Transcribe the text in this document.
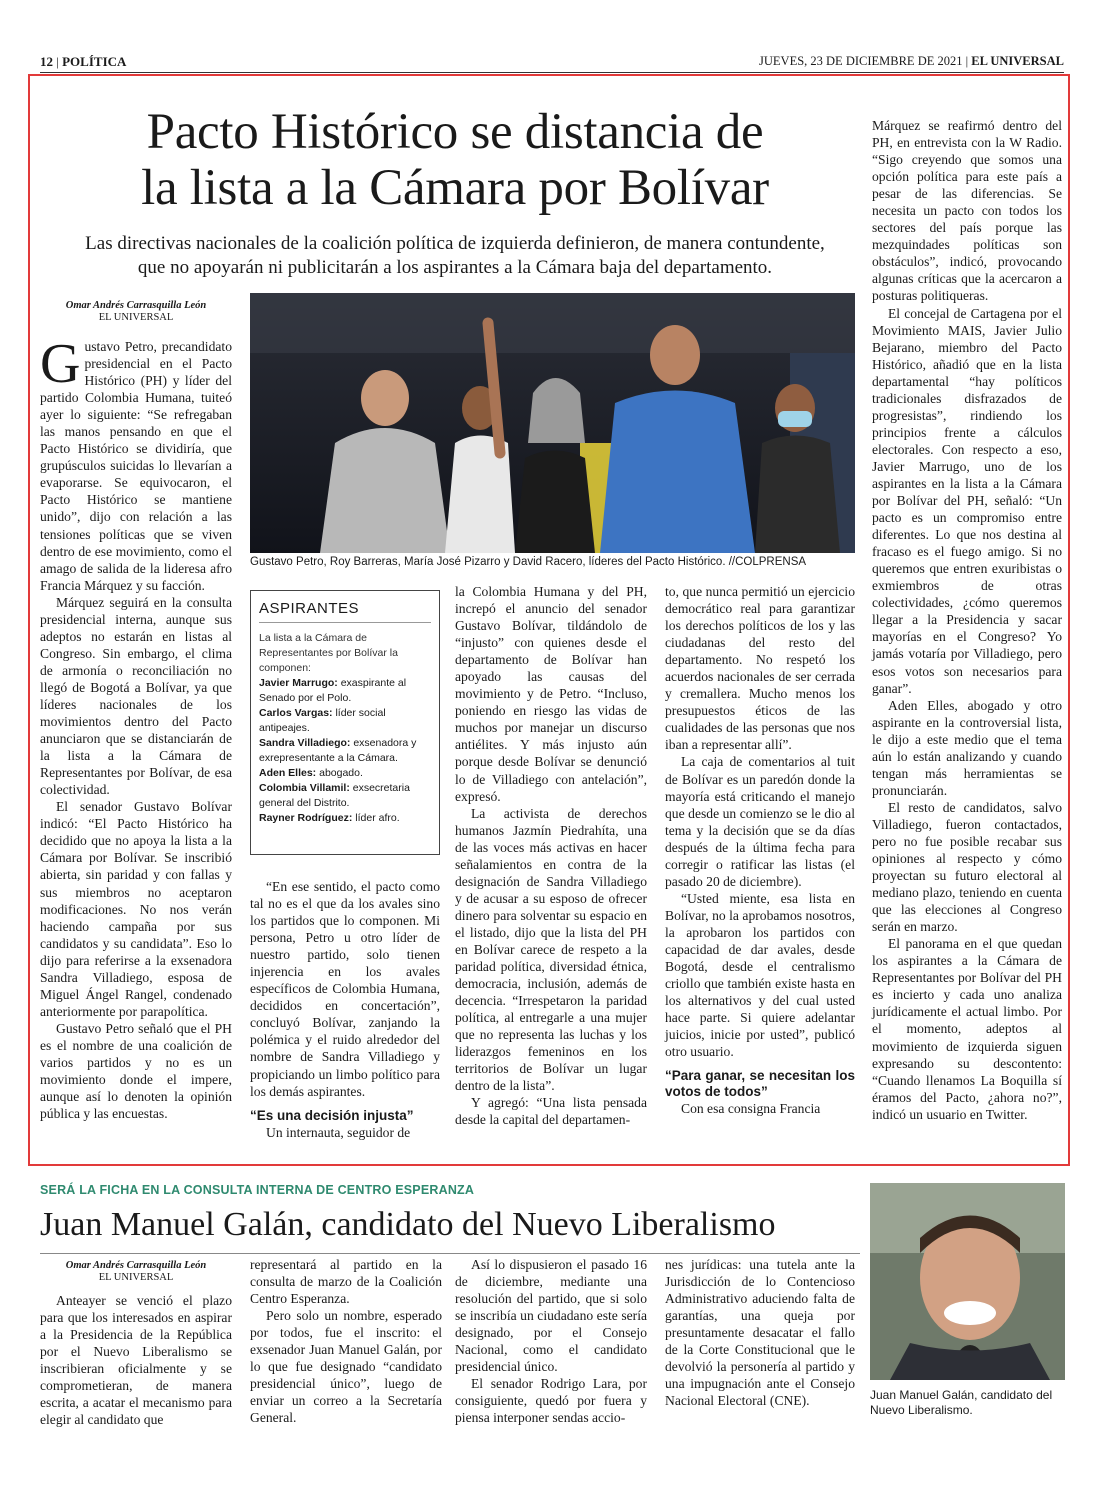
12 | POLÍTICA	JUEVES, 23 DE DICIEMBRE DE 2021 | EL UNIVERSAL
Pacto Histórico se distancia de
la lista a la Cámara por Bolívar
Las directivas nacionales de la coalición política de izquierda definieron, de manera contundente,
que no apoyarán ni publicitarán a los aspirantes a la Cámara baja del departamento.
Omar Andrés Carrasquilla León
EL UNIVERSAL

Gustavo Petro, precandidato presidencial en el Pacto Histórico (PH) y líder del partido Colombia Humana, tuiteó ayer lo siguiente: “Se refregaban las manos pensando en que el Pacto Histórico se dividiría, que grupúsculos suicidas lo llevarían a evaporarse. Se equivocaron, el Pacto Histórico se mantiene unido”, dijo con relación a las tensiones políticas que se viven dentro de ese movimiento, como el amago de salida de la lideresa afro Francia Márquez y su facción.

Márquez seguirá en la consulta presidencial interna, aunque sus adeptos no estarán en listas al Congreso. Sin embargo, el clima de armonía o reconciliación no llegó de Bogotá a Bolívar, ya que líderes nacionales de los movimientos dentro del Pacto anunciaron que se distanciarán de la lista a la Cámara de Representantes por Bolívar, de esa colectividad.

El senador Gustavo Bolívar indicó: “El Pacto Histórico ha decidido que no apoya la lista a la Cámara por Bolívar. Se inscribió abierta, sin paridad y con fallas y sus miembros no aceptaron modificaciones. No nos verán haciendo campaña por sus candidatos y su candidata”. Eso lo dijo para referirse a la exsenadora Sandra Villadiego, esposa de Miguel Ángel Rangel, condenado anteriormente por parapolítica.

Gustavo Petro señaló que el PH es el nombre de una coalición de varios partidos y no es un movimiento donde el impere, aunque así lo denoten la opinión pública y las encuestas.

Gustavo Petro, Roy Barreras, María José Pizarro y David Racero, líderes del Pacto Histórico. //COLPRENSA
ASPIRANTES
La lista a la Cámara de Representantes por Bolívar la componen:
Javier Marrugo: exaspirante al Senado por el Polo.
Carlos Vargas: líder social antipeajes.
Sandra Villadiego: exsenadora y exrepresentante a la Cámara.
Aden Elles: abogado.
Colombia Villamil: exsecretaria general del Distrito.
Rayner Rodríguez: líder afro.

“En ese sentido, el pacto como tal no es el que da los avales sino los partidos que lo componen. Mi persona, Petro u otro líder de nuestro partido, solo tienen injerencia en los avales específicos de Colombia Humana, decididos en concertación”, concluyó Bolívar, zanjando la polémica y el ruido alrededor del nombre de Sandra Villadiego y propiciando un limbo político para los demás aspirantes.

“Es una decisión injusta”

Un internauta, seguidor de

la Colombia Humana y del PH, increpó el anuncio del senador Gustavo Bolívar, tildándolo de “injusto” con quienes desde el departamento de Bolívar han apoyado las causas del movimiento y de Petro. “Incluso, poniendo en riesgo las vidas de muchos por manejar un discurso antiélites. Y más injusto aún porque desde Bolívar se denunció lo de Villadiego con antelación”, expresó.

La activista de derechos humanos Jazmín Piedrahíta, una de las voces más activas en hacer señalamientos en contra de la designación de Sandra Villadiego y de acusar a su esposo de ofrecer dinero para solventar su espacio en el listado, dijo que la lista del PH en Bolívar carece de respeto a la paridad política, diversidad étnica, democracia, inclusión, además de decencia. “Irrespetaron la paridad política, al entregarle a una mujer que no representa las luchas y los liderazgos femeninos en los territorios de Bolívar un lugar dentro de la lista”.

Y agregó: “Una lista pensada desde la capital del departamen-

to, que nunca permitió un ejercicio democrático real para garantizar los derechos políticos de los y las ciudadanas del resto del departamento. No respetó los acuerdos nacionales de ser cerrada y cremallera. Mucho menos los presupuestos éticos de las cualidades de las personas que nos iban a representar allí”.

La caja de comentarios al tuit de Bolívar es un paredón donde la mayoría está criticando el manejo que desde un comienzo se le dio al tema y la decisión que se da días después de la última fecha para corregir o ratificar las listas (el pasado 20 de diciembre).

“Usted miente, esa lista en Bolívar, no la aprobamos nosotros, la aprobaron los partidos con capacidad de dar avales, desde Bogotá, desde el centralismo criollo que también existe hasta en los alternativos y del cual usted hace parte. Si quiere adelantar juicios, inicie por usted”, publicó otro usuario.

“Para ganar, se necesitan los votos de todos”

Con esa consigna Francia

Márquez se reafirmó dentro del PH, en entrevista con la W Radio. “Sigo creyendo que somos una opción política para este país a pesar de las diferencias. Se necesita un pacto con todos los sectores del país porque las mezquindades políticas son obstáculos”, indicó, provocando algunas críticas que la acercaron a posturas politiqueras.

El concejal de Cartagena por el Movimiento MAIS, Javier Julio Bejarano, miembro del Pacto Histórico, añadió que en la lista departamental “hay políticos tradicionales disfrazados de progresistas”, rindiendo los principios frente a cálculos electorales. Con respecto a eso, Javier Marrugo, uno de los aspirantes en la lista a la Cámara por Bolívar del PH, señaló: “Un pacto es un compromiso entre diferentes. Lo que nos destina al fracaso es el fuego amigo. Si no queremos que entren exuribistas o exmiembros de otras colectividades, ¿cómo queremos llegar a la Presidencia y sacar mayorías en el Congreso? Yo jamás votaría por Villadiego, pero esos votos son necesarios para ganar”.

Aden Elles, abogado y otro aspirante en la controversial lista, le dijo a este medio que el tema aún lo están analizando y cuando tengan más herramientas se pronunciarán.

El resto de candidatos, salvo Villadiego, fueron contactados, pero no fue posible recabar sus opiniones al respecto y cómo proyectan su futuro electoral al mediano plazo, teniendo en cuenta que las elecciones al Congreso serán en marzo.

El panorama en el que quedan los aspirantes a la Cámara de Representantes por Bolívar del PH es incierto y cada uno analiza jurídicamente el actual limbo. Por el momento, adeptos al movimiento de izquierda siguen expresando su descontento: “Cuando llenamos La Boquilla sí éramos del Pacto, ¿ahora no?”, indicó un usuario en Twitter.

SERÁ LA FICHA EN LA CONSULTA INTERNA DE CENTRO ESPERANZA
Juan Manuel Galán, candidato del Nuevo Liberalismo
Omar Andrés Carrasquilla León
EL UNIVERSAL

Anteayer se venció el plazo para que los interesados en aspirar a la Presidencia de la República por el Nuevo Liberalismo se inscribieran oficialmente y se comprometieran, de manera escrita, a acatar el mecanismo para elegir al candidato que

representará al partido en la consulta de marzo de la Coalición Centro Esperanza.

Pero solo un nombre, esperado por todos, fue el inscrito: el exsenador Juan Manuel Galán, por lo que fue designado “candidato presidencial único”, luego de enviar un correo a la Secretaría General.

Así lo dispusieron el pasado 16 de diciembre, mediante una resolución del partido, que si solo se inscribía un ciudadano este sería designado, por el Consejo Nacional, como el candidato presidencial único.

El senador Rodrigo Lara, por consiguiente, quedó por fuera y piensa interponer sendas accio-

nes jurídicas: una tutela ante la Jurisdicción de lo Contencioso Administrativo aduciendo falta de garantías, una queja por presuntamente desacatar el fallo de la Corte Constitucional que le devolvió la personería al partido y una impugnación ante el Consejo Nacional Electoral (CNE).	Juan Manuel Galán, candidato del Nuevo Liberalismo.
